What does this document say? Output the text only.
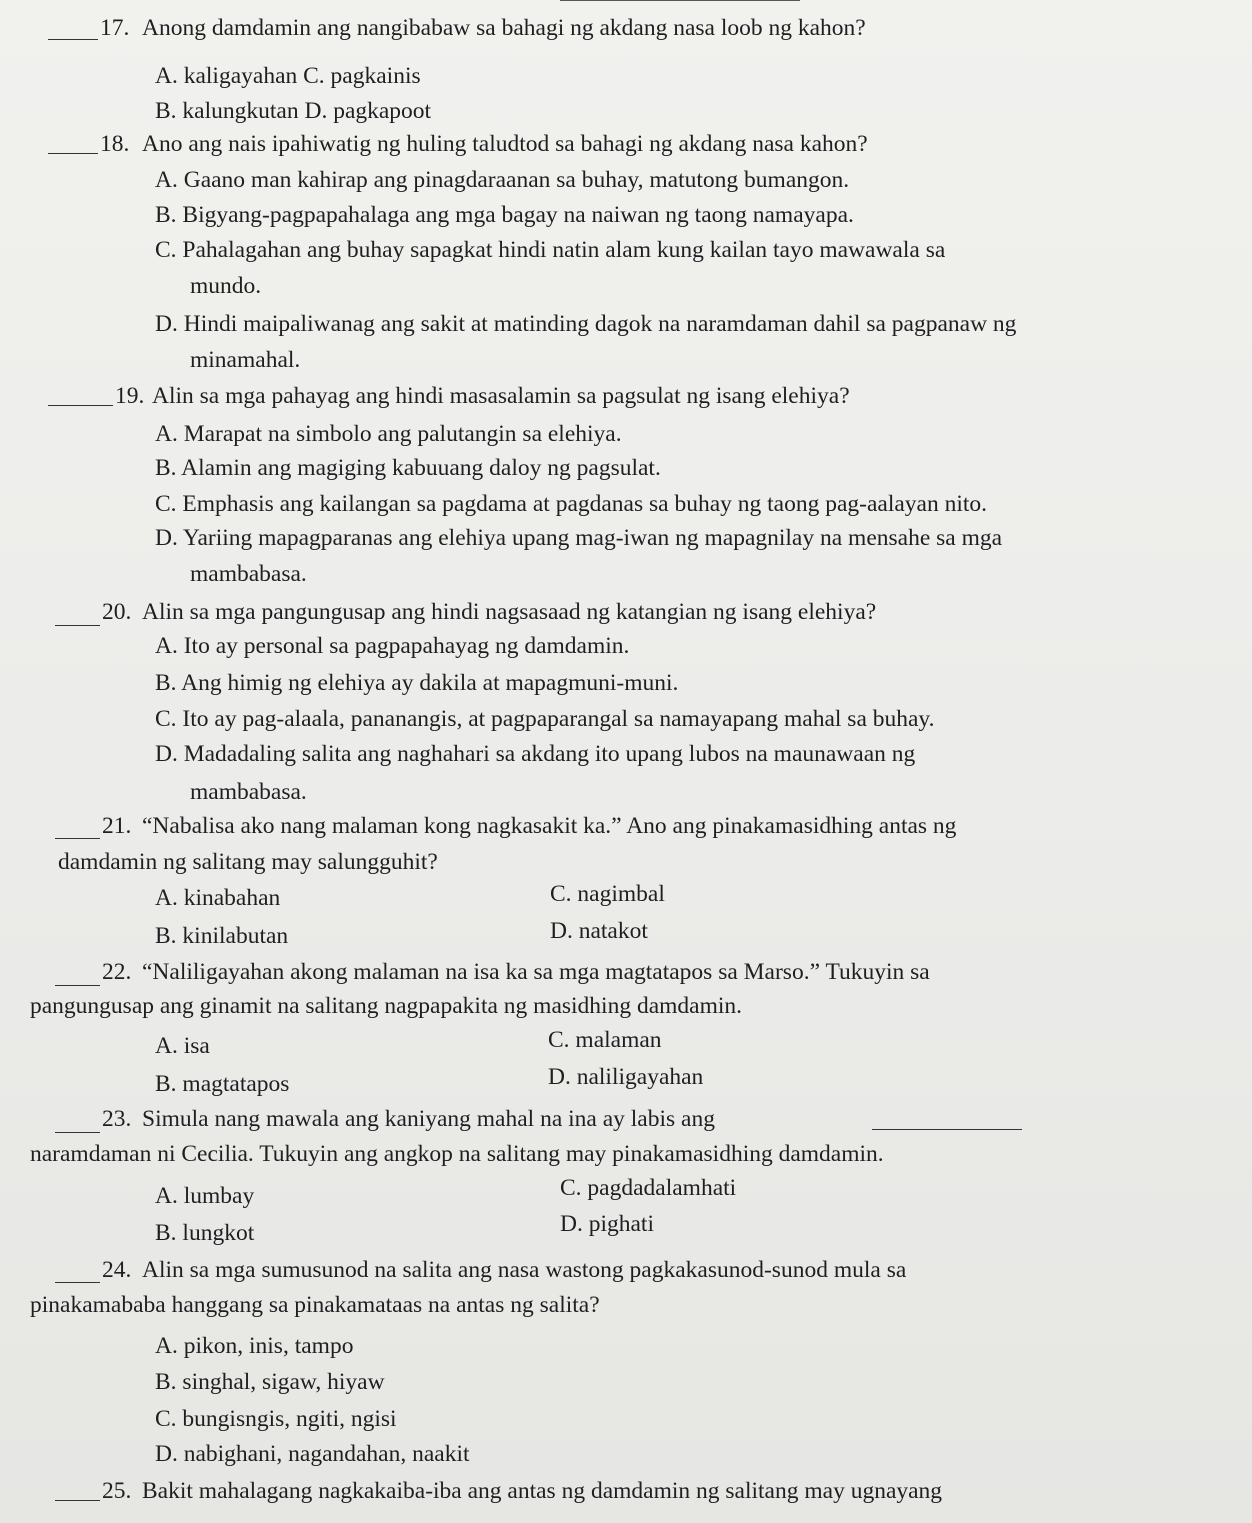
17. Anong damdamin ang nangibabaw sa bahagi ng akdang nasa loob ng kahon?
A. kaligayahan C. pagkainis
B. kalungkutan D. pagkapoot
18. Ano ang nais ipahiwatig ng huling taludtod sa bahagi ng akdang nasa kahon?
A. Gaano man kahirap ang pinagdaraanan sa buhay, matutong bumangon.
B. Bigyang-pagpapahalaga ang mga bagay na naiwan ng taong namayapa.
C. Pahalagahan ang buhay sapagkat hindi natin alam kung kailan tayo mawawala sa
mundo.
D. Hindi maipaliwanag ang sakit at matinding dagok na naramdaman dahil sa pagpanaw ng
minamahal.
19. Alin sa mga pahayag ang hindi masasalamin sa pagsulat ng isang elehiya?
A. Marapat na simbolo ang palutangin sa elehiya.
B. Alamin ang magiging kabuuang daloy ng pagsulat.
C. Emphasis ang kailangan sa pagdama at pagdanas sa buhay ng taong pag-aalayan nito.
D. Yariing mapagparanas ang elehiya upang mag-iwan ng mapagnilay na mensahe sa mga
mambabasa.
20. Alin sa mga pangungusap ang hindi nagsasaad ng katangian ng isang elehiya?
A. Ito ay personal sa pagpapahayag ng damdamin.
B. Ang himig ng elehiya ay dakila at mapagmuni-muni.
C. Ito ay pag-alaala, pananangis, at pagpaparangal sa namayapang mahal sa buhay.
D. Madadaling salita ang naghahari sa akdang ito upang lubos na maunawaan ng
mambabasa.
21. “Nabalisa ako nang malaman kong nagkasakit ka.” Ano ang pinakamasidhing antas ng
damdamin ng salitang may salungguhit?
A. kinabahan	C. nagimbal
B. kinilabutan	D. natakot
22. “Naliligayahan akong malaman na isa ka sa mga magtatapos sa Marso.” Tukuyin sa
pangungusap ang ginamit na salitang nagpapakita ng masidhing damdamin.
A. isa	C. malaman
B. magtatapos	D. naliligayahan
23. Simula nang mawala ang kaniyang mahal na ina ay labis ang
naramdaman ni Cecilia. Tukuyin ang angkop na salitang may pinakamasidhing damdamin.
A. lumbay	C. pagdadalamhati
B. lungkot	D. pighati
24. Alin sa mga sumusunod na salita ang nasa wastong pagkakasunod-sunod mula sa
pinakamababa hanggang sa pinakamataas na antas ng salita?
A. pikon, inis, tampo
B. singhal, sigaw, hiyaw
C. bungisngis, ngiti, ngisi
D. nabighani, nagandahan, naakit
25. Bakit mahalagang nagkakaiba-iba ang antas ng damdamin ng salitang may ugnayang
